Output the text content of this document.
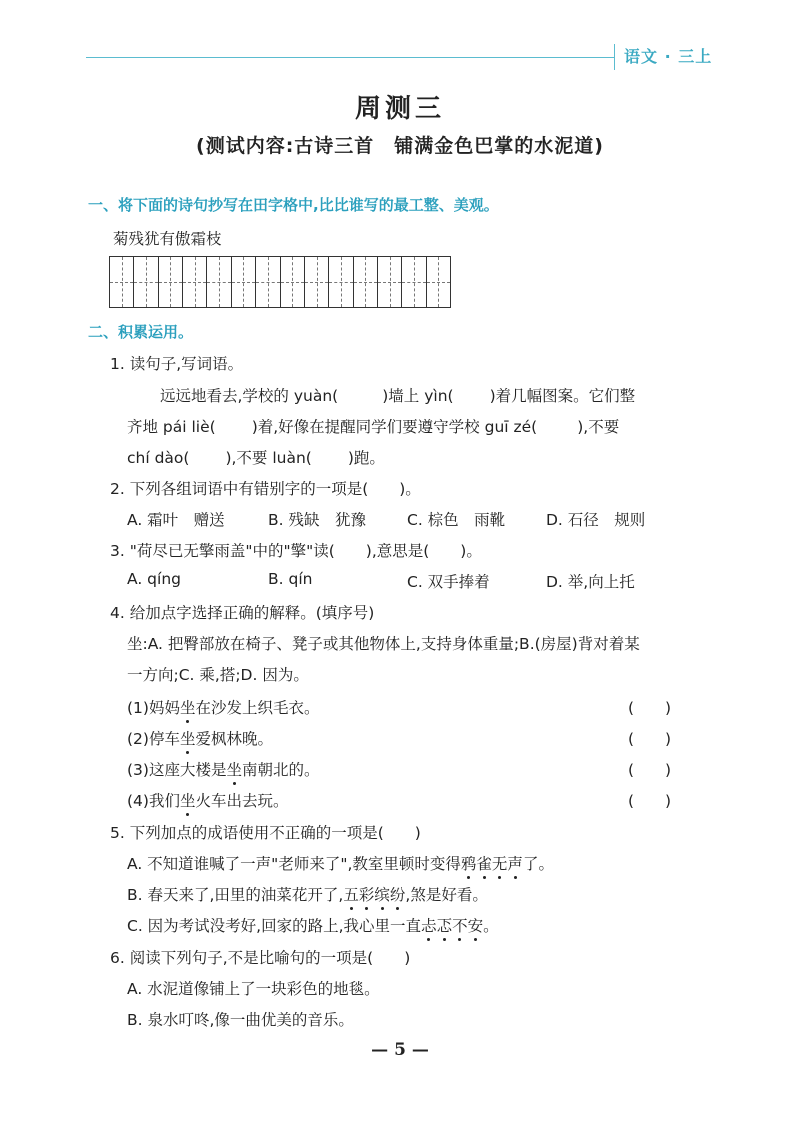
语文 · 三上
周测三
(测试内容:古诗三首　铺满金色巴掌的水泥道)
一、将下面的诗句抄写在田字格中,比比谁写的最工整、美观。
菊残犹有傲霜枝
二、积累运用。
1. 读句子,写词语。
远远地看去,学校的 yuàn(	)墙上 yìn( )着几幅图案。它们整
齐地 pái liè( )着,好像在提醒同学们要遵守学校 guī zé(	),不要
chí dào( ),不要 luàn( )跑。
2. 下列各组词语中有错别字的一项是(　　)。
A. 霜叶　赠送	B. 残缺　犹豫	C. 棕色　雨靴	D. 石径　规则
3. "荷尽已无擎雨盖"中的"擎"读(　　),意思是(　　)。
A. qíng	B. qín	C. 双手捧着	D. 举,向上托
4. 给加点字选择正确的解释。(填序号)
坐:A. 把臀部放在椅子、凳子或其他物体上,支持身体重量;B.(房屋)背对着某
一方向;C. 乘,搭;D. 因为。
(1)妈妈坐在沙发上织毛衣。	(　　)
(2)停车坐爱枫林晚。	(　　)
(3)这座大楼是坐南朝北的。	(　　)
(4)我们坐火车出去玩。	(　　)
5. 下列加点的成语使用不正确的一项是(　　)
A. 不知道谁喊了一声"老师来了",教室里顿时变得鸦雀无声了。
B. 春天来了,田里的油菜花开了,五彩缤纷,煞是好看。
C. 因为考试没考好,回家的路上,我心里一直忐忑不安。
6. 阅读下列句子,不是比喻句的一项是(　　)
A. 水泥道像铺上了一块彩色的地毯。
B. 泉水叮咚,像一曲优美的音乐。
— 5 —
